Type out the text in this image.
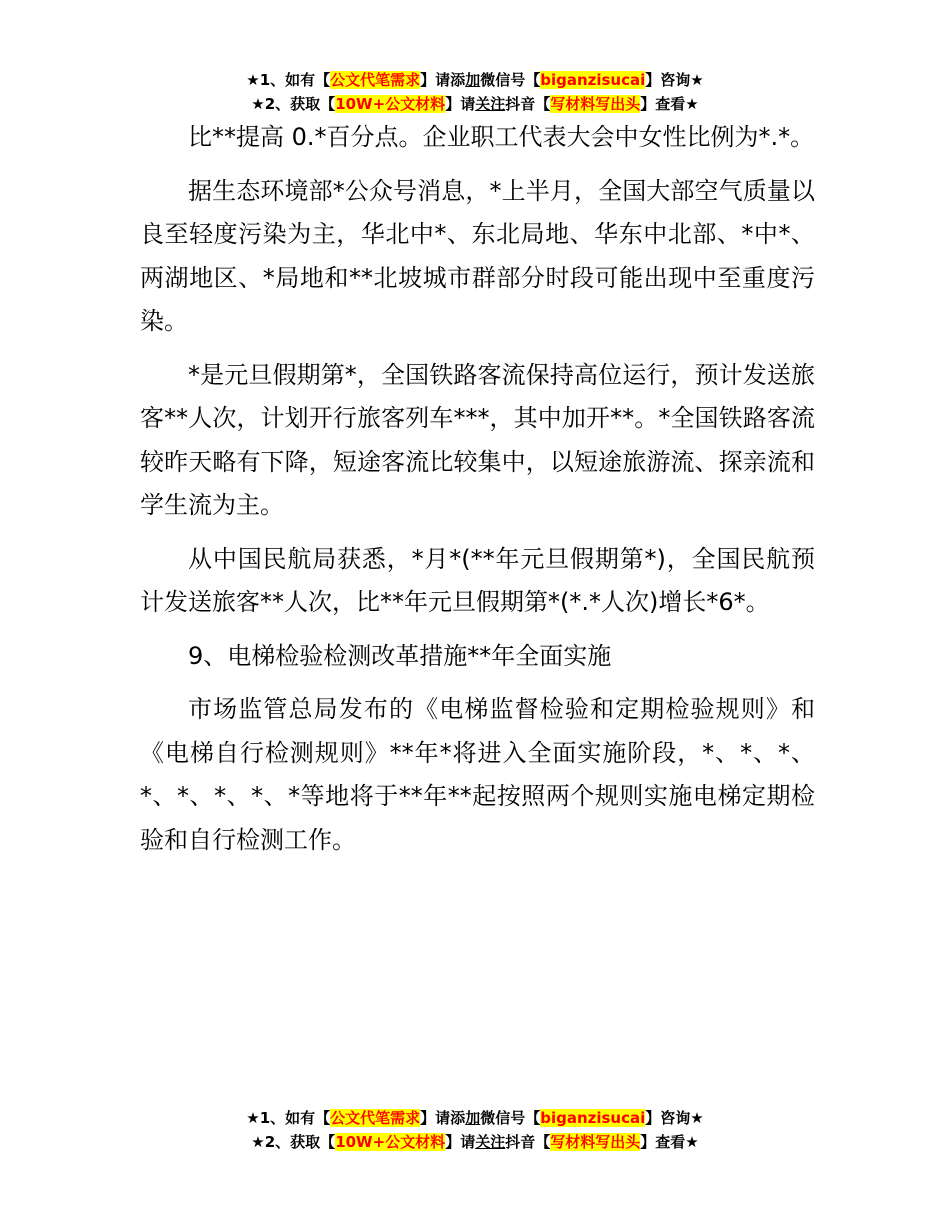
★1、如有【公文代笔需求】请添加微信号【biganzisucai】咨询★
★2、获取【10W+公文材料】请关注抖音【写材料写出头】查看★

比**提高 0.*百分点。企业职工代表大会中女性比例为*.*。

据生态环境部*公众号消息，*上半月，全国大部空气质量以良至轻度污染为主，华北中*、东北局地、华东中北部、*中*、两湖地区、*局地和**北坡城市群部分时段可能出现中至重度污染。

*是元旦假期第*，全国铁路客流保持高位运行，预计发送旅客**人次，计划开行旅客列车***，其中加开**。*全国铁路客流较昨天略有下降，短途客流比较集中，以短途旅游流、探亲流和学生流为主。

从中国民航局获悉，*月*(**年元旦假期第*)，全国民航预计发送旅客**人次，比**年元旦假期第*(*.*人次)增长*6*。

9、电梯检验检测改革措施**年全面实施

市场监管总局发布的《电梯监督检验和定期检验规则》和《电梯自行检测规则》**年*将进入全面实施阶段，*、*、*、*、*、*、*、*等地将于**年**起按照两个规则实施电梯定期检验和自行检测工作。

★1、如有【公文代笔需求】请添加微信号【biganzisucai】咨询★
★2、获取【10W+公文材料】请关注抖音【写材料写出头】查看★
